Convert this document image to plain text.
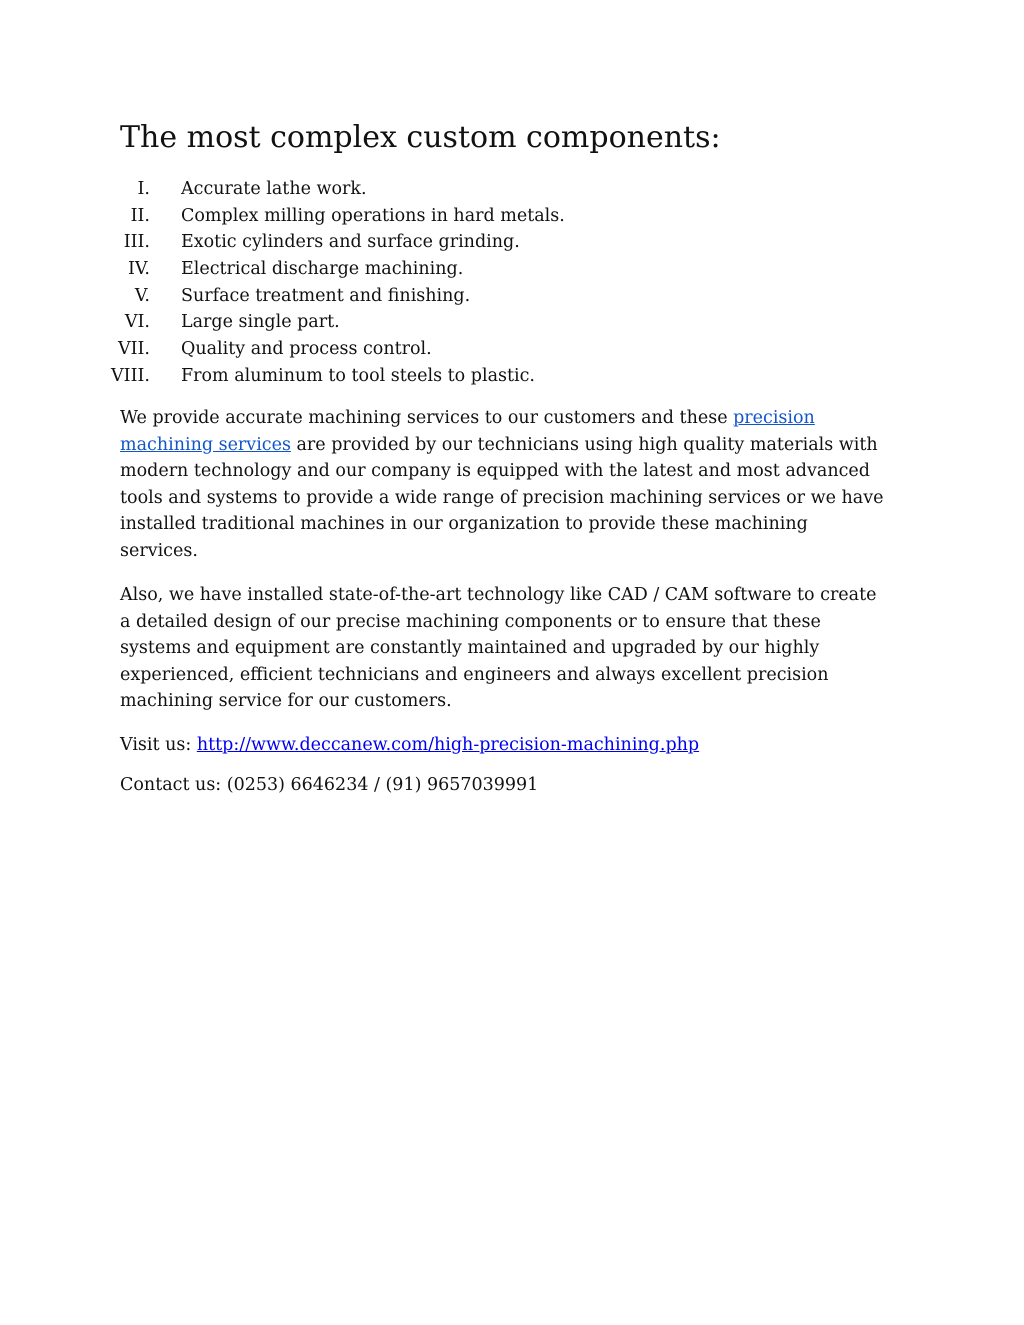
The most complex custom components:
I. Accurate lathe work.
II. Complex milling operations in hard metals.
III. Exotic cylinders and surface grinding.
IV. Electrical discharge machining.
V. Surface treatment and finishing.
VI. Large single part.
VII. Quality and process control.
VIII. From aluminum to tool steels to plastic.

We provide accurate machining services to our customers and these precision
machining services are provided by our technicians using high quality materials with
modern technology and our company is equipped with the latest and most advanced
tools and systems to provide a wide range of precision machining services or we have
installed traditional machines in our organization to provide these machining
services.

Also, we have installed state-of-the-art technology like CAD / CAM software to create
a detailed design of our precise machining components or to ensure that these
systems and equipment are constantly maintained and upgraded by our highly
experienced, efficient technicians and engineers and always excellent precision
machining service for our customers.

Visit us: http://www.deccanew.com/high-precision-machining.php

Contact us: (0253) 6646234 / (91) 9657039991
